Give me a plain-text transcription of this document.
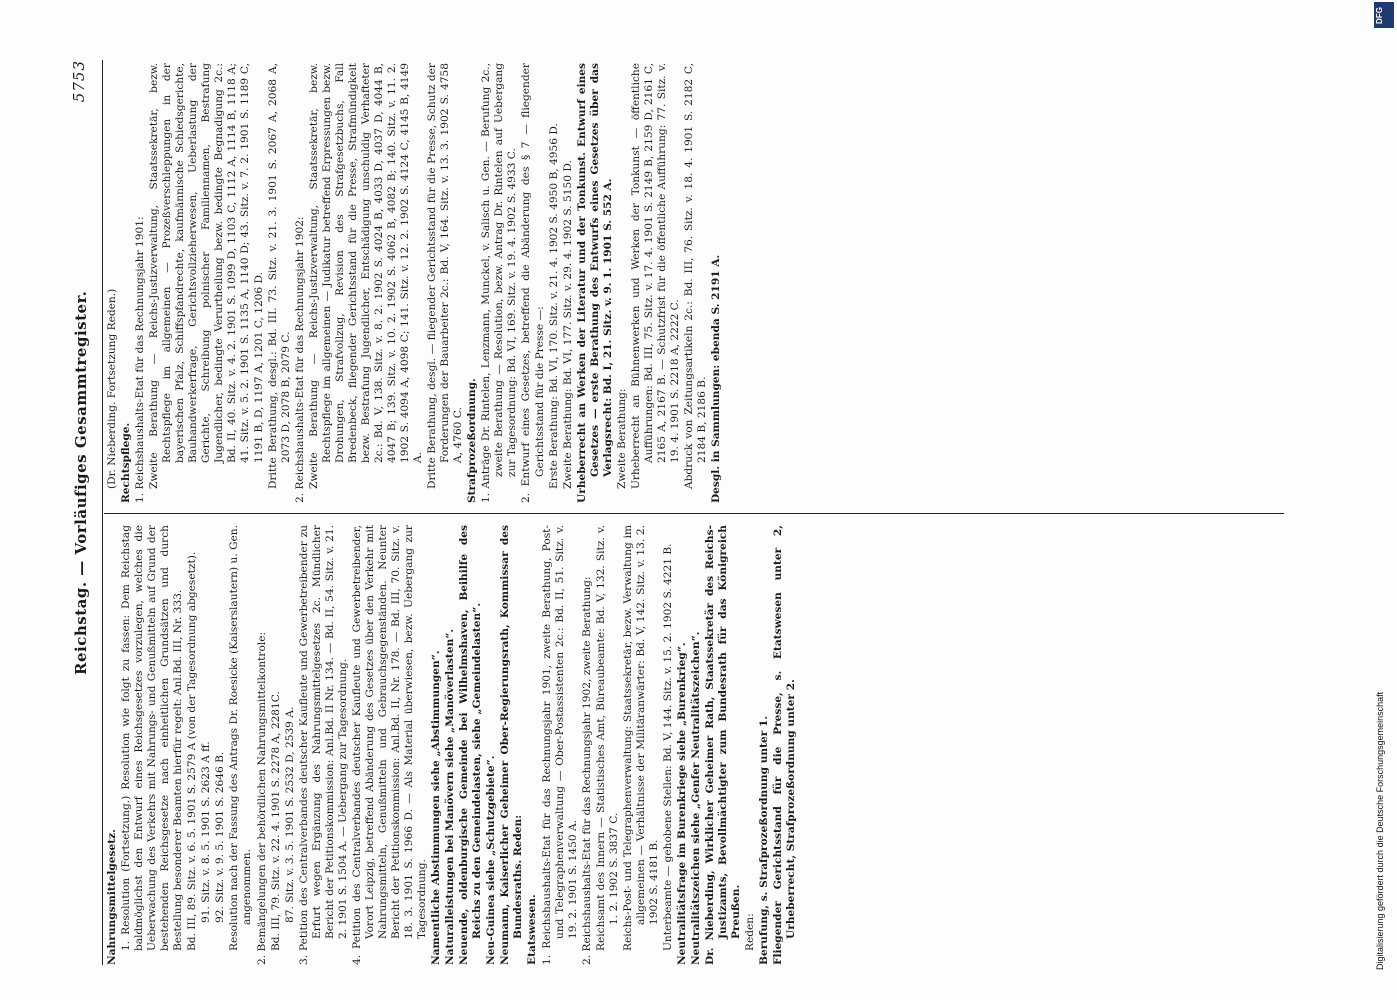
Reichstag. — Vorläufiges Gesammtregister.
5753

Nahrungsmittelgesetz. 1. Resolution (Fortsetzung.) Resolution wie folgt zu fassen: Dem Reichstag baldmöglichst den Entwurf eines Reichsgesetzes vorzulegen, welches die Ueberwachung des Verkehrs mit Nahrungs- und Genußmitteln auf Grund der bestehenden Reichsgesetze nach einheitlichen Grundsätzen und durch Bestellung besonderer Beamten hierfür regelt: Anl.Bd. III, Nr. 333. Bd. III, 89. Sitz. v. 6. 5. 1901 S. 2579 A (von der Tagesordnung abgesetzt). 91. Sitz. v. 8. 5. 1901 S. 2623 A ff. 92. Sitz. v. 9. 5. 1901 S. 2646 B. Resolution nach der Fassung des Antrags Dr. Roesicke (Kaiserslautern) u. Gen. angenommen. 2. Bemängelungen der behördlichen Nahrungsmittelkontrole: Bd. III, 79. Sitz. v. 22. 4. 1901 S. 2278 A, 2281C. 87. Sitz. v. 3. 5. 1901 S. 2532 D, 2539 A. 3. Petition des Centralverbandes deutscher Kaufleute und Gewerbetreibender zu Erfurt wegen Ergänzung des Nahrungsmittelgesetzes 2c. Mündlicher Bericht der Petitionskommission: Anl.Bd. II Nr. 134. — Bd. II, 54. Sitz. v. 21. 2. 1901 S. 1504 A. — Uebergang zur Tagesordnung. 4. Petition des Centralverbandes deutscher Kaufleute und Gewerbetreibender, Vorort Leipzig, betreffend Abänderung des Gesetzes über den Verkehr mit Nahrungsmitteln, Genußmitteln und Gebrauchsgegenständen. Neunter Bericht der Petitionskommission: Anl.Bd. II, Nr. 178. — Bd. III, 70. Sitz. v. 18. 3. 1901 S. 1966 D. — Als Material überwiesen, bezw. Uebergang zur Tagesordnung. Namentliche Abstimmungen siehe „Abstimmungen“. Naturalleistungen bei Manövern siehe „Manöverlasten“. Neuende, oldenburgische Gemeinde bei Wilhelmshaven, Beihilfe des Reichs zu den Gemeindelasten, siehe „Gemeindelasten“. Neu-Guinea siehe „Schutzgebiete“. Neumann, Kaiserlicher Geheimer Ober-Regierungsrath, Kommissar des Bundesraths. Reden: Etatswesen. 1. Reichshaushalts-Etat für das Rechnungsjahr 1901, zweite Berathung, Post- und Telegraphenverwaltung — Ober-Postassistenten 2c.: Bd. II, 51. Sitz. v. 19. 2. 1901 S. 1450 A. 2. Reichshaushalts-Etat für das Rechnungsjahr 1902, zweite Berathung: Reichsamt des Innern — Statistisches Amt, Büreaubeamte: Bd. V, 132. Sitz. v. 1. 2. 1902 S. 3837 C. Reichs-Post- und Telegraphenverwaltung: Staatssekretär, bezw. Verwaltung im allgemeinen — Verhältnisse der Militäranwärter: Bd. V, 142. Sitz. v. 13. 2. 1902 S. 4181 B. Unterbeamte — gehobene Stellen: Bd. V, 144. Sitz. v. 15. 2. 1902 S. 4221 B. Neutralitätsfrage im Burenkriege siehe „Burenkrieg“. Neutralitätszeichen siehe „Genfer Neutralitätszeichen“. Dr. Nieberding, Wirklicher Geheimer Rath, Staatssekretär des Reichs-Justizamts, Bevollmächtigter zum Bundesrath für das Königreich Preußen. Reden: Berufung, s. Strafprozeßordnung unter 1. Fliegender Gerichtsstand für die Presse, s. Etatswesen unter 2, Urheberrecht, Strafprozeßordnung unter 2.

(Dr. Nieberding. Fortsetzung Reden.) Rechtspflege. 1. Reichshaushalts-Etat für das Rechnungsjahr 1901: Zweite Berathung — Reichs-Justizverwaltung, Staatssekretär, bezw. Rechtspflege im allgemeinen — Prozeßverschleppungen in der bayerischen Pfalz, Schiffspfandrechte, kaufmännische Schiedsgerichte, Bauhandwerkerfrage, Gerichtsvollzieherwesen, Ueberlastung der Gerichte, Schreibung polnischer Familiennamen, Bestrafung Jugendlicher, bedingte Verurtheilung bezw. bedingte Begnadigung 2c.: Bd. II, 40. Sitz. v. 4. 2. 1901 S. 1099 D, 1103 C, 1112 A, 1114 B, 1118 A; 41. Sitz. v. 5. 2. 1901 S. 1135 A, 1140 D; 43. Sitz. v. 7. 2. 1901 S. 1189 C, 1191 B, D, 1197 A, 1201 C, 1206 D. Dritte Berathung, desgl.: Bd. III. 73. Sitz. v. 21. 3. 1901 S. 2067 A, 2068 A, 2073 D, 2078 B, 2079 C. 2. Reichshaushalts-Etat für das Rechnungsjahr 1902: Zweite Berathung — Reichs-Justizverwaltung, Staatssekretär, bezw. Rechtspflege im allgemeinen — Judikatur betreffend Erpressungen bezw. Drohungen, Strafvollzug, Revision des Strafgesetzbuchs, Fall Bredenbeck, fliegender Gerichtsstand für die Presse, Strafmündigkeit bezw. Bestrafung Jugendlicher, Entschädigung unschuldig Verhafteter 2c.: Bd. V, 138. Sitz. v. 8. 2. 1902 S. 4024 B, 4033 D, 4037 D, 4044 B, 4047 B; 139. Sitz. v. 10. 2. 1902 S. 4062 B, 4082 B; 140. Sitz. v. 11. 2. 1902 S. 4094 A, 4098 C; 141. Sitz. v. 12. 2. 1902 S. 4124 C, 4145 B, 4149 A. Dritte Berathung, desgl. — fliegender Gerichtsstand für die Presse, Schutz der Forderungen der Bauarbeiter 2c.: Bd. V, 164. Sitz. v. 13. 3. 1902 S. 4758 A, 4760 C. Strafprozeßordnung. 1. Anträge Dr. Rintelen, Lenzmann, Munckel, v. Salisch u. Gen. — Berufung 2c., zweite Berathung — Resolution, bezw. Antrag Dr. Rintelen auf Uebergang zur Tagesordnung: Bd. VI, 169. Sitz. v. 19. 4. 1902 S. 4933 C. 2. Entwurf eines Gesetzes, betreffend die Abänderung des § 7 — fliegender Gerichtsstand für die Presse —: Erste Berathung: Bd. VI, 170. Sitz. v. 21. 4. 1902 S. 4950 B, 4956 D. Zweite Berathung: Bd. VI, 177. Sitz. v. 29. 4. 1902 S. 5150 D. Urheberrecht an Werken der Literatur und der Tonkunst. Entwurf eines Gesetzes — erste Berathung des Entwurfs eines Gesetzes über das Verlagsrecht: Bd. I, 21. Sitz. v. 9. 1. 1901 S. 552 A. Zweite Berathung: Urheberrecht an Bühnenwerken und Werken der Tonkunst — öffentliche Aufführungen: Bd. III, 75. Sitz. v. 17. 4. 1901 S. 2149 B, 2159 D, 2161 C, 2165 A, 2167 B. — Schutzfrist für die öffentliche Aufführung: 77. Sitz. v. 19. 4. 1901 S. 2218 A, 2222 C. Abdruck von Zeitungsartikeln 2c.: Bd. III, 76. Sitz. v. 18. 4. 1901 S. 2182 C, 2184 B, 2186 B. Desgl. in Sammlungen: ebenda S. 2191 A.

DFG
Digitalisierung gefördert durch die Deutsche Forschungsgemeinschaft
